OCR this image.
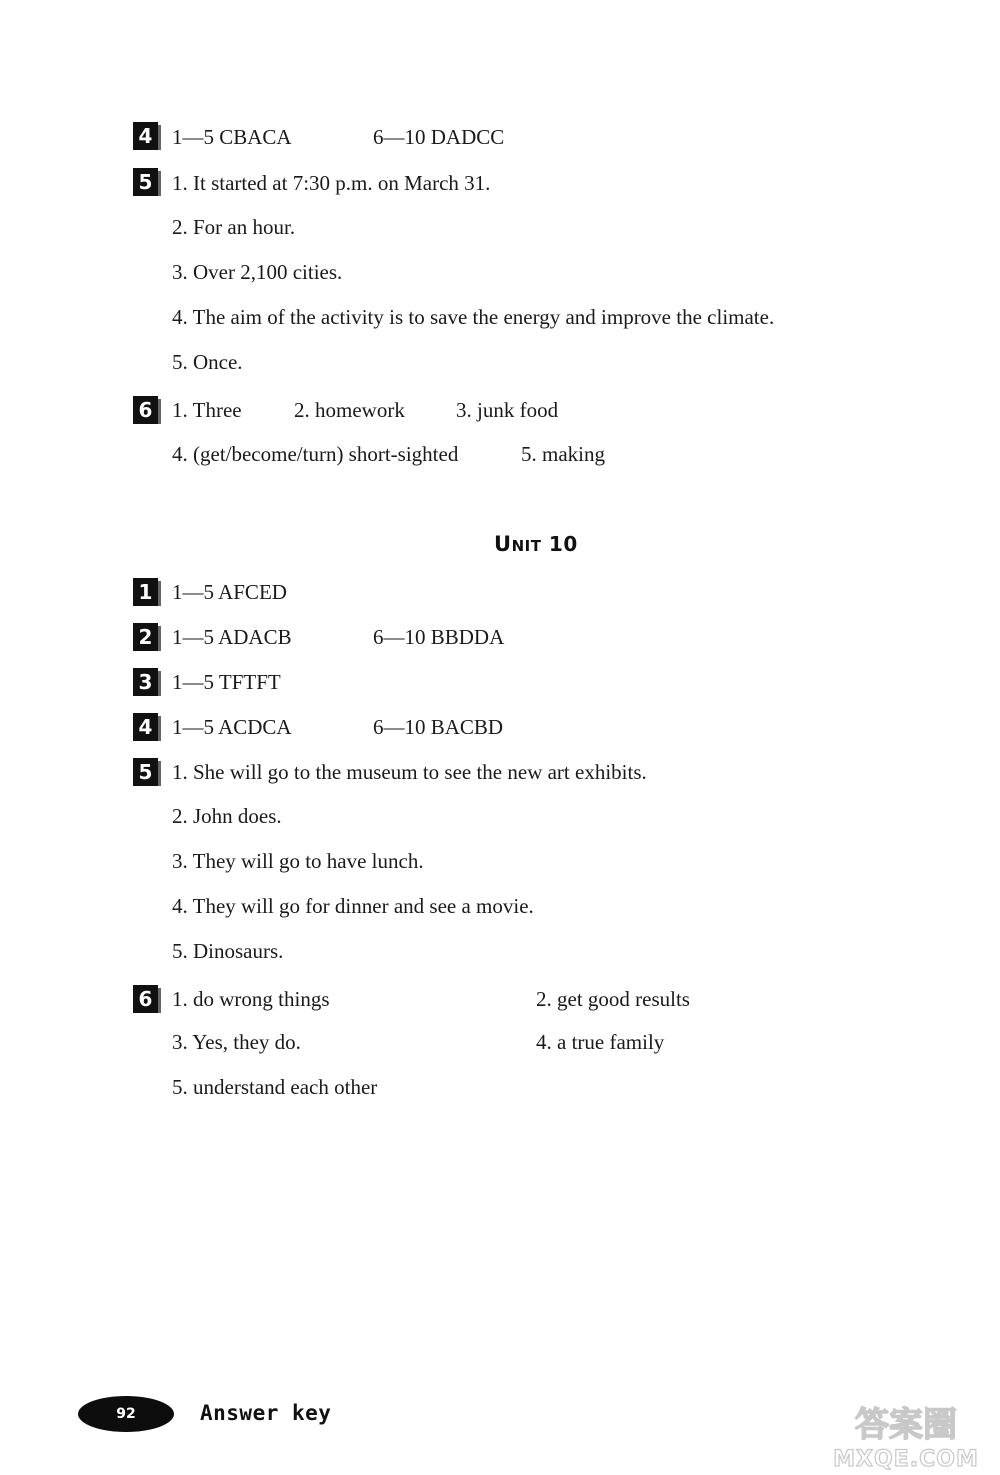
4 1—5 CBACA	6—10 DADCC
5 1. It started at 7:30 p.m. on March 31.
2. For an hour.
3. Over 2,100 cities.
4. The aim of the activity is to save the energy and improve the climate.
5. Once.
6 1. Three 2. homework 3. junk food
4. (get/become/turn) short-sighted	5. making
UNIT 10
1 1—5 AFCED
2 1—5 ADACB	6—10 BBDDA
3 1—5 TFTFT
4 1—5 ACDCA	6—10 BACBD
5 1. She will go to the museum to see the new art exhibits.
2. John does.
3. They will go to have lunch.
4. They will go for dinner and see a movie.
5. Dinosaurs.
6 1. do wrong things	2. get good results
3. Yes, they do.	4. a true family
5. understand each other
92	Answer key	答案圈
MXQE.COM
